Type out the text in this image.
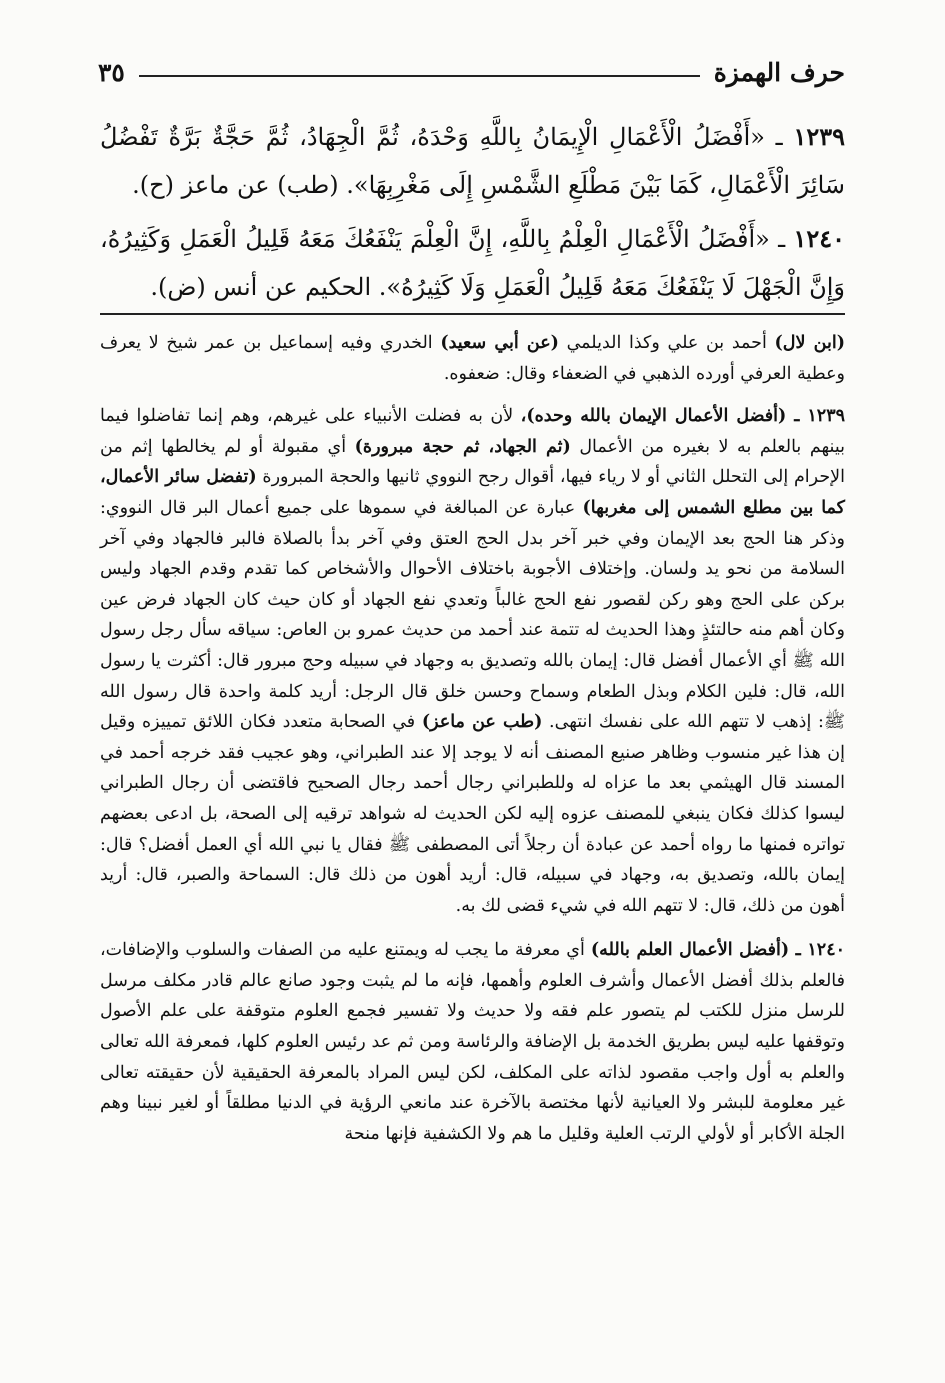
حرف الهمزة
٣٥
١٢٣٩ ـ «أَفْضَلُ الْأَعْمَالِ الْإِيمَانُ بِاللَّهِ وَحْدَهُ، ثُمَّ الْجِهَادُ، ثُمَّ حَجَّةٌ بَرَّةٌ تَفْضُلُ سَائِرَ الْأَعْمَالِ، كَمَا بَيْنَ مَطْلَعِ الشَّمْسِ إِلَى مَغْرِبِهَا». (طب) عن ماعز (ح).
١٢٤٠ ـ «أَفْضَلُ الْأَعْمَالِ الْعِلْمُ بِاللَّهِ، إِنَّ الْعِلْمَ يَنْفَعُكَ مَعَهُ قَلِيلُ الْعَمَلِ وَكَثِيرُهُ، وَإِنَّ الْجَهْلَ لَا يَنْفَعُكَ مَعَهُ قَلِيلُ الْعَمَلِ وَلَا كَثِيرُهُ». الحكيم عن أنس (ض).

(ابن لال) أحمد بن علي وكذا الديلمي (عن أبي سعيد) الخدري وفيه إسماعيل بن عمر شيخ لا يعرف وعطية العرفي أورده الذهبي في الضعفاء وقال: ضعفوه.

١٢٣٩ ـ (أفضل الأعمال الإيمان بالله وحده)، لأن به فضلت الأنبياء على غيرهم، وهم إنما تفاضلوا فيما بينهم بالعلم به لا بغيره من الأعمال (ثم الجهاد، ثم حجة مبرورة) أي مقبولة أو لم يخالطها إثم من الإحرام إلى التحلل الثاني أو لا رياء فيها، أقوال رجح النووي ثانيها والحجة المبرورة (تفضل سائر الأعمال، كما بين مطلع الشمس إلى مغربها) عبارة عن المبالغة في سموها على جميع أعمال البر قال النووي: وذكر هنا الحج بعد الإيمان وفي خبر آخر بدل الحج العتق وفي آخر بدأ بالصلاة فالبر فالجهاد وفي آخر السلامة من نحو يد ولسان. وإختلاف الأجوبة باختلاف الأحوال والأشخاص كما تقدم وقدم الجهاد وليس بركن على الحج وهو ركن لقصور نفع الحج غالباً وتعدي نفع الجهاد أو كان حيث كان الجهاد فرض عين وكان أهم منه حالتئذٍ وهذا الحديث له تتمة عند أحمد من حديث عمرو بن العاص: سياقه سأل رجل رسول الله ﷺ أي الأعمال أفضل قال: إيمان بالله وتصديق به وجهاد في سبيله وحج مبرور قال: أكثرت يا رسول الله، قال: فلين الكلام وبذل الطعام وسماح وحسن خلق قال الرجل: أريد كلمة واحدة قال رسول الله ﷺ: إذهب لا تتهم الله على نفسك انتهى. (طب عن ماعز) في الصحابة متعدد فكان اللائق تمييزه وقيل إن هذا غير منسوب وظاهر صنيع المصنف أنه لا يوجد إلا عند الطبراني، وهو عجيب فقد خرجه أحمد في المسند قال الهيثمي بعد ما عزاه له وللطبراني رجال أحمد رجال الصحيح فاقتضى أن رجال الطبراني ليسوا كذلك فكان ينبغي للمصنف عزوه إليه لكن الحديث له شواهد ترقيه إلى الصحة، بل ادعى بعضهم تواتره فمنها ما رواه أحمد عن عبادة أن رجلاً أتى المصطفى ﷺ فقال يا نبي الله أي العمل أفضل؟ قال: إيمان بالله، وتصديق به، وجهاد في سبيله، قال: أريد أهون من ذلك قال: السماحة والصبر، قال: أريد أهون من ذلك، قال: لا تتهم الله في شيء قضى لك به.

١٢٤٠ ـ (أفضل الأعمال العلم بالله) أي معرفة ما يجب له ويمتنع عليه من الصفات والسلوب والإضافات، فالعلم بذلك أفضل الأعمال وأشرف العلوم وأهمها، فإنه ما لم يثبت وجود صانع عالم قادر مكلف مرسل للرسل منزل للكتب لم يتصور علم فقه ولا حديث ولا تفسير فجمع العلوم متوقفة على علم الأصول وتوقفها عليه ليس بطريق الخدمة بل الإضافة والرئاسة ومن ثم عد رئيس العلوم كلها، فمعرفة الله تعالى والعلم به أول واجب مقصود لذاته على المكلف، لكن ليس المراد بالمعرفة الحقيقية لأن حقيقته تعالى غير معلومة للبشر ولا العيانية لأنها مختصة بالآخرة عند مانعي الرؤية في الدنيا مطلقاً أو لغير نبينا وهم الجلة الأكابر أو لأولي الرتب العلية وقليل ما هم ولا الكشفية فإنها منحة
